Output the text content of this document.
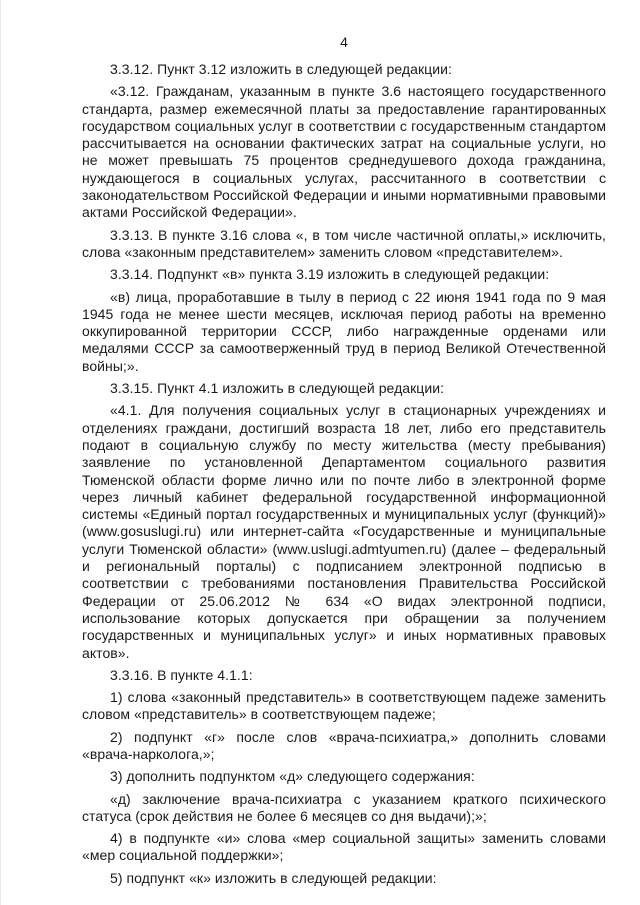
4

3.3.12. Пункт 3.12 изложить в следующей редакции:

«3.12. Гражданам, указанным в пункте 3.6 настоящего государственного стандарта, размер ежемесячной платы за предоставление гарантированных государством социальных услуг в соответствии с государственным стандартом рассчитывается на основании фактических затрат на социальные услуги, но не может превышать 75 процентов среднедушевого дохода гражданина, нуждающегося в социальных услугах, рассчитанного в соответствии с законодательством Российской Федерации и иными нормативными правовыми актами Российской Федерации».

3.3.13. В пункте 3.16 слова «, в том числе частичной оплаты,» исключить, слова «законным представителем» заменить словом «представителем».

3.3.14. Подпункт «в» пункта 3.19 изложить в следующей редакции:

«в) лица, проработавшие в тылу в период с 22 июня 1941 года по 9 мая 1945 года не менее шести месяцев, исключая период работы на временно оккупированной территории СССР, либо награжденные орденами или медалями СССР за самоотверженный труд в период Великой Отечественной войны;».

3.3.15. Пункт 4.1 изложить в следующей редакции:

«4.1. Для получения социальных услуг в стационарных учреждениях и отделениях граждани, достигший возраста 18 лет, либо его представитель подают в социальную службу по месту жительства (месту пребывания) заявление по установленной Департаментом социального развития Тюменской области форме лично или по почте либо в электронной форме через личный кабинет федеральной государственной информационной системы «Единый портал государственных и муниципальных услуг (функций)» (www.gosuslugi.ru) или интернет-сайта «Государственные и муниципальные услуги Тюменской области» (www.uslugi.admtyumen.ru) (далее – федеральный и региональный порталы) с подписанием электронной подписью в соответствии с требованиями постановления Правительства Российской Федерации от 25.06.2012 № 634 «О видах электронной подписи, использование которых допускается при обращении за получением государственных и муниципальных услуг» и иных нормативных правовых актов».

3.3.16. В пункте 4.1.1:

1) слова «законный представитель» в соответствующем падеже заменить словом «представитель» в соответствующем падеже;

2) подпункт «г» после слов «врача-психиатра,» дополнить словами «врача-нарколога,»;

3) дополнить подпунктом «д» следующего содержания:

«д) заключение врача-психиатра с указанием краткого психического статуса (срок действия не более 6 месяцев со дня выдачи);»;

4) в подпункте «и» слова «мер социальной защиты» заменить словами «мер социальной поддержки»;

5) подпункт «к» изложить в следующей редакции:
